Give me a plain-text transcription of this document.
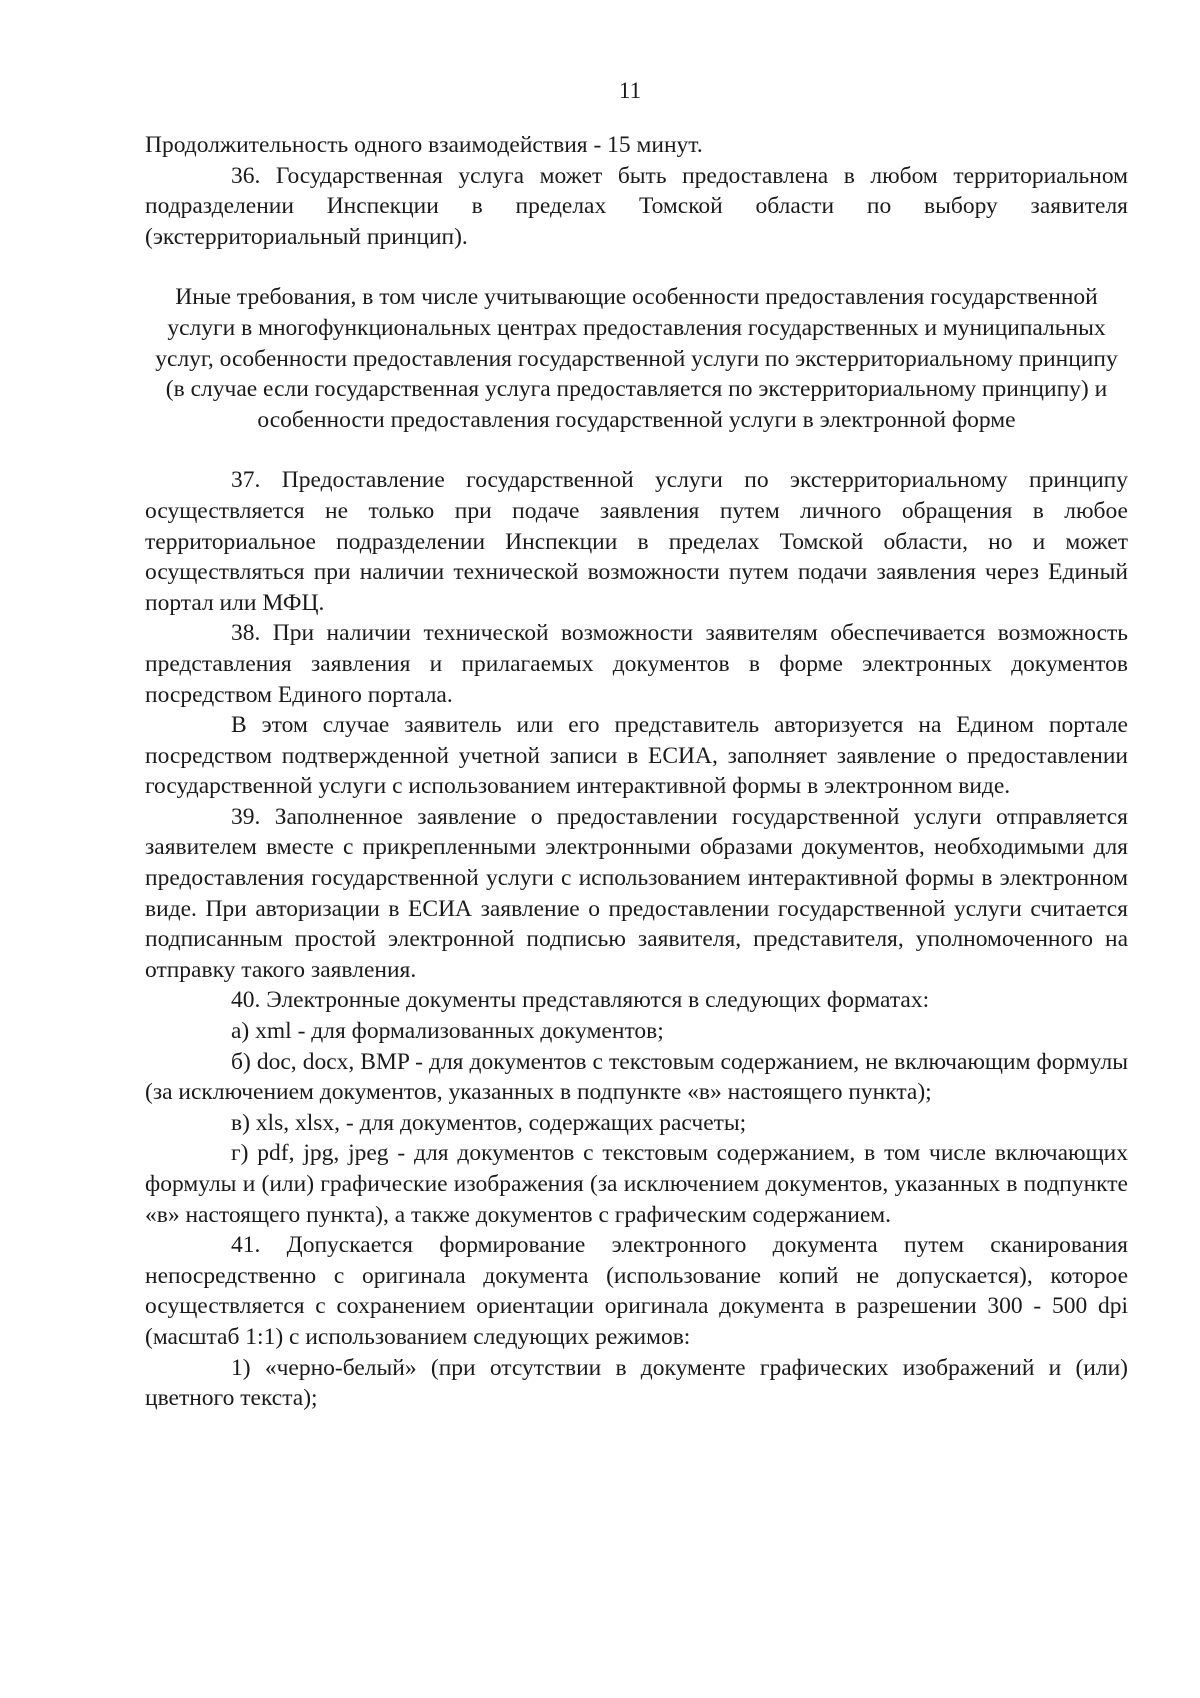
11

Продолжительность одного взаимодействия - 15 минут.

36. Государственная услуга может быть предоставлена в любом территориальном подразделении Инспекции в пределах Томской области по выбору заявителя (экстерриториальный принцип).

Иные требования, в том числе учитывающие особенности предоставления государственной услуги в многофункциональных центрах предоставления государственных и муниципальных услуг, особенности предоставления государственной услуги по экстерриториальному принципу (в случае если государственная услуга предоставляется по экстерриториальному принципу) и особенности предоставления государственной услуги в электронной форме

37. Предоставление государственной услуги по экстерриториальному принципу осуществляется не только при подаче заявления путем личного обращения в любое территориальное подразделении Инспекции в пределах Томской области, но и может осуществляться при наличии технической возможности путем подачи заявления через Единый портал или МФЦ.

38. При наличии технической возможности заявителям обеспечивается возможность представления заявления и прилагаемых документов в форме электронных документов посредством Единого портала.

В этом случае заявитель или его представитель авторизуется на Едином портале посредством подтвержденной учетной записи в ЕСИА, заполняет заявление о предоставлении государственной услуги с использованием интерактивной формы в электронном виде.

39. Заполненное заявление о предоставлении государственной услуги отправляется заявителем вместе с прикрепленными электронными образами документов, необходимыми для предоставления государственной услуги с использованием интерактивной формы в электронном виде. При авторизации в ЕСИА заявление о предоставлении государственной услуги считается подписанным простой электронной подписью заявителя, представителя, уполномоченного на отправку такого заявления.

40. Электронные документы представляются в следующих форматах:

а) xml - для формализованных документов;

б) doc, docx, BMP - для документов с текстовым содержанием, не включающим формулы (за исключением документов, указанных в подпункте «в» настоящего пункта);

в) xls, xlsx, - для документов, содержащих расчеты;

г) pdf, jpg, jpeg - для документов с текстовым содержанием, в том числе включающих формулы и (или) графические изображения (за исключением документов, указанных в подпункте «в» настоящего пункта), а также документов с графическим содержанием.

41. Допускается формирование электронного документа путем сканирования непосредственно с оригинала документа (использование копий не допускается), которое осуществляется с сохранением ориентации оригинала документа в разрешении 300 - 500 dpi (масштаб 1:1) с использованием следующих режимов:

1) «черно-белый» (при отсутствии в документе графических изображений и (или) цветного текста);
